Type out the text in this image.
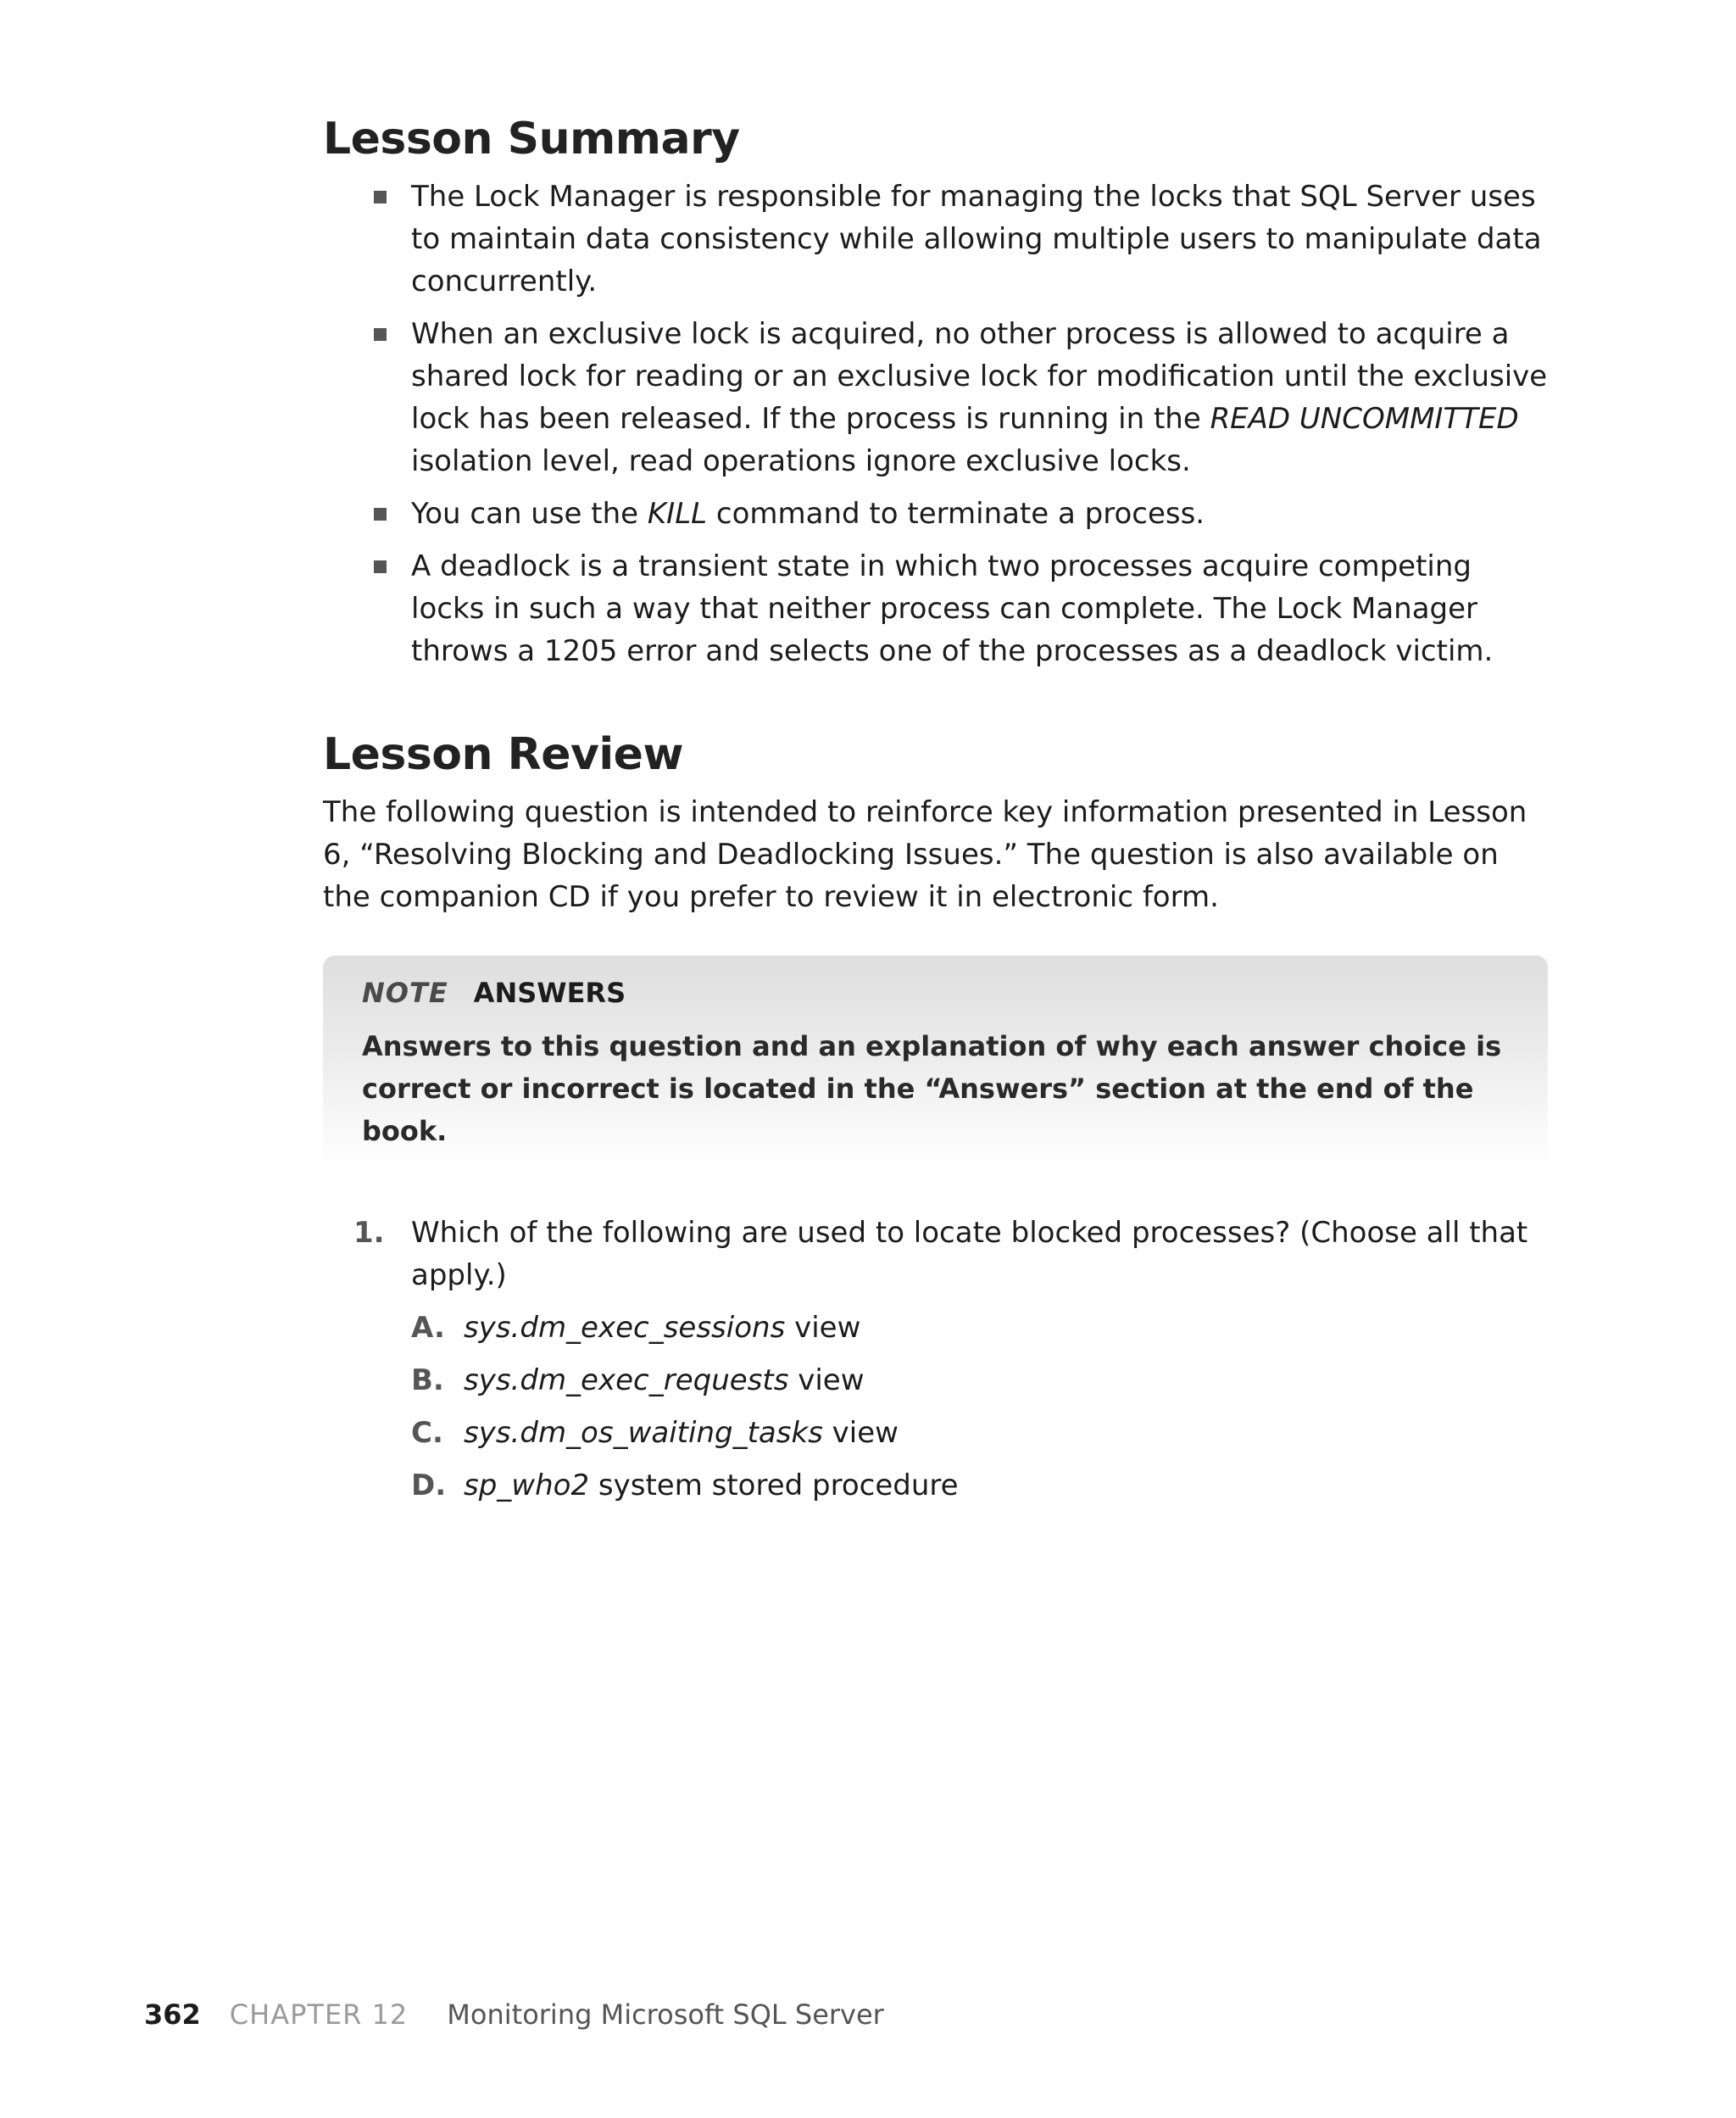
Lesson Summary
The Lock Manager is responsible for managing the locks that SQL Server uses to maintain data consistency while allowing multiple users to manipulate data concurrently.
When an exclusive lock is acquired, no other process is allowed to acquire a shared lock for reading or an exclusive lock for modification until the exclusive lock has been released. If the process is running in the READ UNCOMMITTED isolation level, read operations ignore exclusive locks.
You can use the KILL command to terminate a process.
A deadlock is a transient state in which two processes acquire competing locks in such a way that neither process can complete. The Lock Manager throws a 1205 error and selects one of the processes as a deadlock victim.
Lesson Review

The following question is intended to reinforce key information presented in Lesson 6, “Resolving Blocking and Deadlocking Issues.” The question is also available on the companion CD if you prefer to review it in electronic form.

NOTE ANSWERS
Answers to this question and an explanation of why each answer choice is correct or incorrect is located in the “Answers” section at the end of the book.
1. Which of the following are used to locate blocked processes? (Choose all that apply.)
A. sys.dm_exec_sessions view
B. sys.dm_exec_requests view
C. sys.dm_os_waiting_tasks view
D. sp_who2 system stored procedure
362 CHAPTER 12 Monitoring Microsoft SQL Server
